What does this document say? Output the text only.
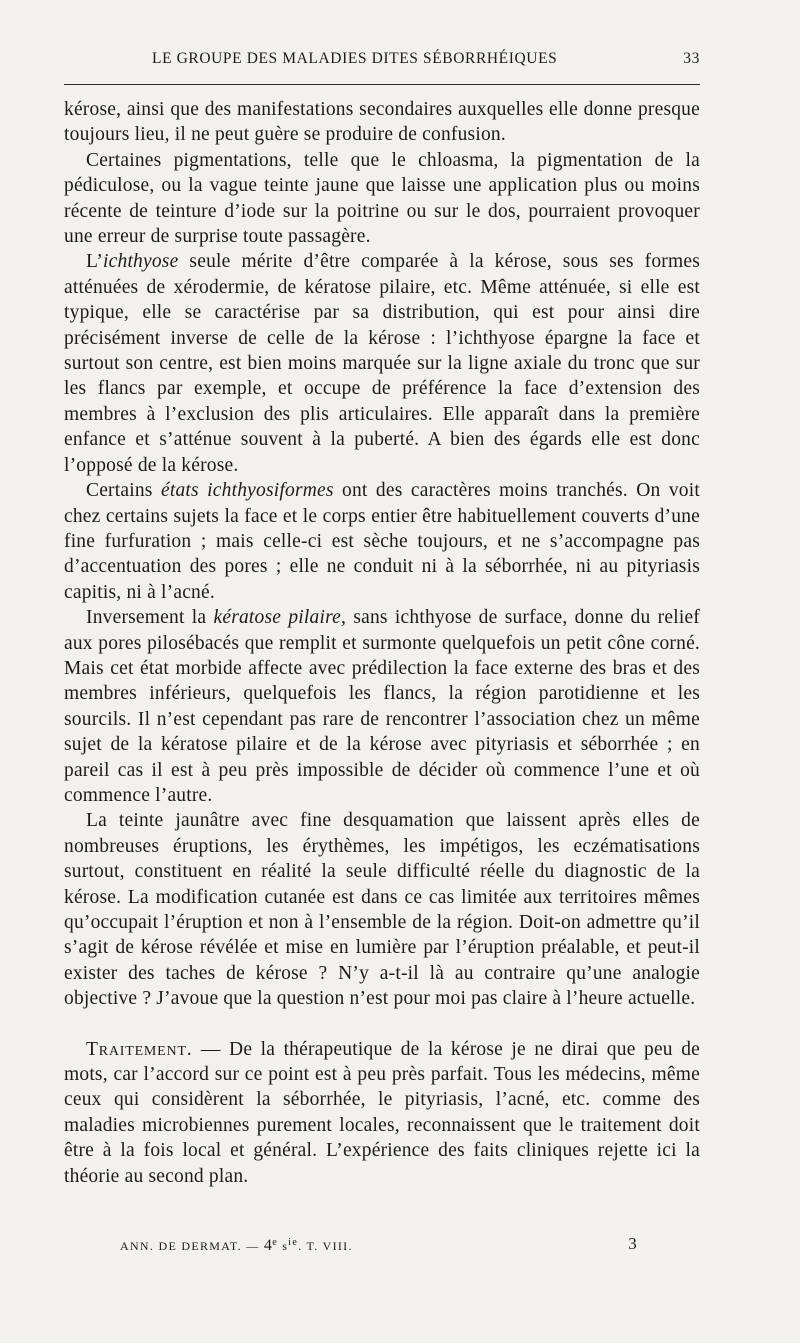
LE GROUPE DES MALADIES DITES SÉBORRHÉIQUES	33

kérose, ainsi que des manifestations secondaires auxquelles elle donne presque toujours lieu, il ne peut guère se produire de confusion.

Certaines pigmentations, telle que le chloasma, la pigmentation de la pédiculose, ou la vague teinte jaune que laisse une application plus ou moins récente de teinture d’iode sur la poitrine ou sur le dos, pourraient provoquer une erreur de surprise toute passagère.

L’ichthyose seule mérite d’être comparée à la kérose, sous ses formes atténuées de xérodermie, de kératose pilaire, etc. Même atténuée, si elle est typique, elle se caractérise par sa distribution, qui est pour ainsi dire précisément inverse de celle de la kérose : l’ichthyose épargne la face et surtout son centre, est bien moins marquée sur la ligne axiale du tronc que sur les flancs par exemple, et occupe de préférence la face d’extension des membres à l’exclusion des plis articulaires. Elle apparaît dans la première enfance et s’atténue souvent à la puberté. A bien des égards elle est donc l’opposé de la kérose.

Certains états ichthyosiformes ont des caractères moins tranchés. On voit chez certains sujets la face et le corps entier être habituellement couverts d’une fine furfuration ; mais celle-ci est sèche toujours, et ne s’accompagne pas d’accentuation des pores ; elle ne conduit ni à la séborrhée, ni au pityriasis capitis, ni à l’acné.

Inversement la kératose pilaire, sans ichthyose de surface, donne du relief aux pores pilosébacés que remplit et surmonte quelquefois un petit cône corné. Mais cet état morbide affecte avec prédilection la face externe des bras et des membres inférieurs, quelquefois les flancs, la région parotidienne et les sourcils. Il n’est cependant pas rare de rencontrer l’association chez un même sujet de la kératose pilaire et de la kérose avec pityriasis et séborrhée ; en pareil cas il est à peu près impossible de décider où commence l’une et où commence l’autre.

La teinte jaunâtre avec fine desquamation que laissent après elles de nombreuses éruptions, les érythèmes, les impétigos, les eczématisations surtout, constituent en réalité la seule difficulté réelle du diagnostic de la kérose. La modification cutanée est dans ce cas limitée aux territoires mêmes qu’occupait l’éruption et non à l’ensemble de la région. Doit-on admettre qu’il s’agit de kérose révélée et mise en lumière par l’éruption préalable, et peut-il exister des taches de kérose ? N’y a-t-il là au contraire qu’une analogie objective ? J’avoue que la question n’est pour moi pas claire à l’heure actuelle.

Traitement. — De la thérapeutique de la kérose je ne dirai que peu de mots, car l’accord sur ce point est à peu près parfait. Tous les médecins, même ceux qui considèrent la séborrhée, le pityriasis, l’acné, etc. comme des maladies microbiennes purement locales, reconnaissent que le traitement doit être à la fois local et général. L’expérience des faits cliniques rejette ici la théorie au second plan.

ANN. DE DERMAT. — 4e $s^{ie}$. T. VIII.	3
